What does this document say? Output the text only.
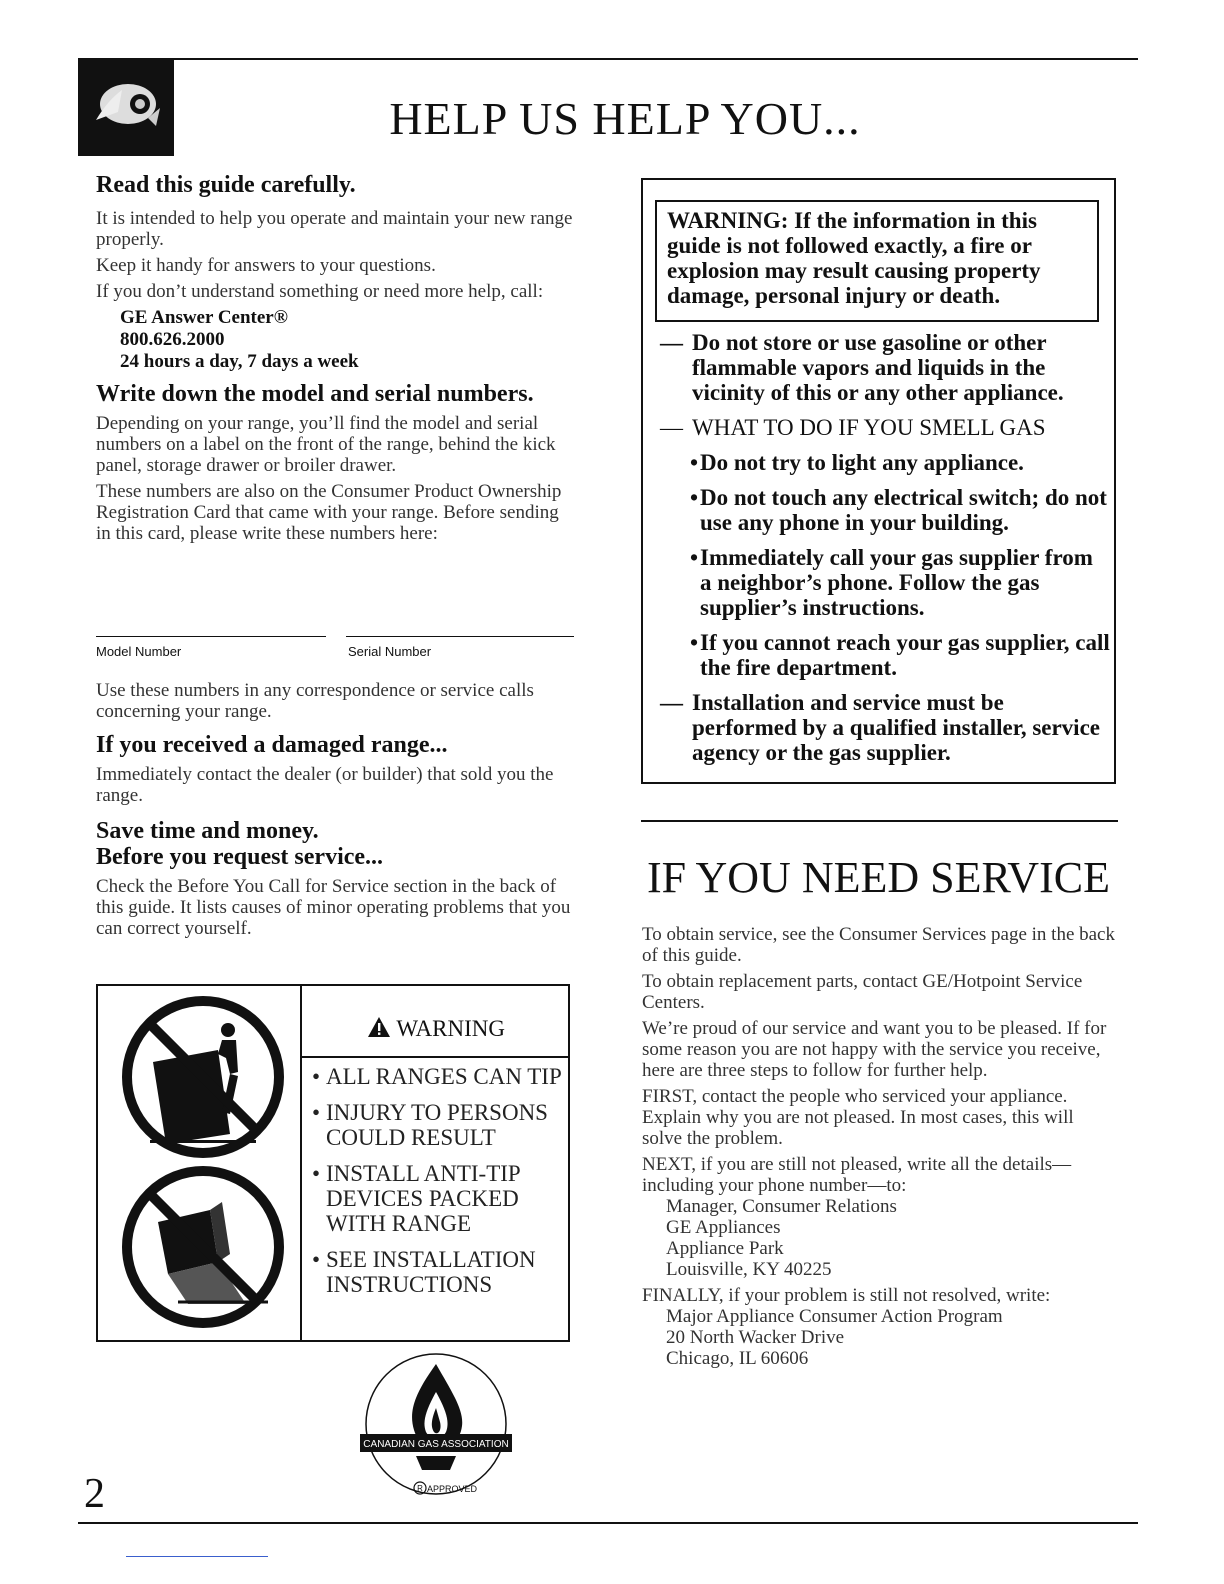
HELP US HELP YOU...
Read this guide carefully.

It is intended to help you operate and maintain your new range properly.

Keep it handy for answers to your questions.

If you don’t understand something or need more help, call:

GE Answer Center®
800.626.2000
24 hours a day, 7 days a week
Write down the model and serial numbers.

Depending on your range, you’ll find the model and serial numbers on a label on the front of the range, behind the kick panel, storage drawer or broiler drawer.

These numbers are also on the Consumer Product Ownership Registration Card that came with your range. Before sending in this card, please write these numbers here:

Model Number	Serial Number

Use these numbers in any correspondence or service calls concerning your range.

If you received a damaged range...

Immediately contact the dealer (or builder) that sold you the range.

Save time and money.
Before you request service...

Check the Before You Call for Service section in the back of this guide. It lists causes of minor operating problems that you can correct yourself.

WARNING
• ALL RANGES CAN TIP
• INJURY TO PERSONS COULD RESULT
• INSTALL ANTI-TIP DEVICES PACKED WITH RANGE
• SEE INSTALLATION INSTRUCTIONS
CANADIAN GAS ASSOCIATION
R APPROVED
WARNING: If the information in this guide is not followed exactly, a fire or explosion may result causing property damage, personal injury or death.
— Do not store or use gasoline or other flammable vapors and liquids in the vicinity of this or any other appliance.
— WHAT TO DO IF YOU SMELL GAS
• Do not try to light any appliance.
• Do not touch any electrical switch; do not use any phone in your building.
• Immediately call your gas supplier from a neighbor’s phone. Follow the gas supplier’s instructions.
• If you cannot reach your gas supplier, call the fire department.
— Installation and service must be performed by a qualified installer, service agency or the gas supplier.
IF YOU NEED SERVICE

To obtain service, see the Consumer Services page in the back of this guide.

To obtain replacement parts, contact GE/Hotpoint Service Centers.

We’re proud of our service and want you to be pleased. If for some reason you are not happy with the service you receive, here are three steps to follow for further help.

FIRST, contact the people who serviced your appliance. Explain why you are not pleased. In most cases, this will solve the problem.

NEXT, if you are still not pleased, write all the details—including your phone number—to:

Manager, Consumer Relations

GE Appliances

Appliance Park

Louisville, KY 40225

FINALLY, if your problem is still not resolved, write:

Major Appliance Consumer Action Program

20 North Wacker Drive

Chicago, IL 60606

2
